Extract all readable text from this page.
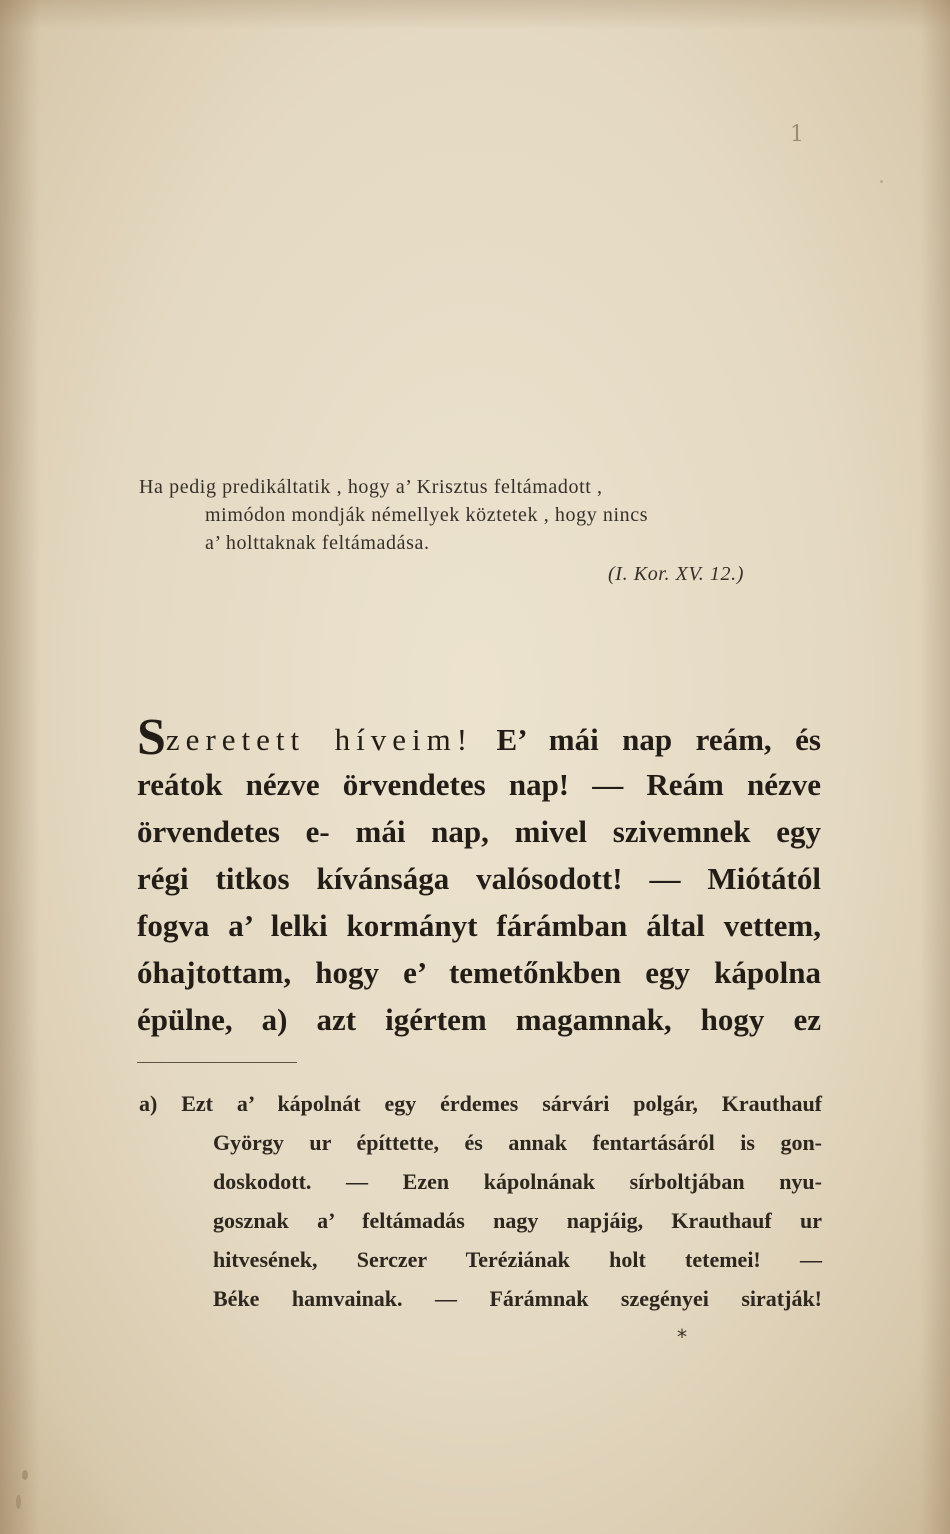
1
Ha pedig predikáltatik , hogy a’ Krisztus feltámadott ,
mimódon mondják némellyek köztetek , hogy nincs
a’ holttaknak feltámadása.
(I. Kor. XV. 12.)
Szeretett híveim! E’ mái nap reám, és
reátok nézve örvendetes nap! — Reám nézve
örvendetes e- mái nap, mivel szivemnek egy
régi titkos kívánsága valósodott! — Miótától
fogva a’ lelki kormányt fárámban által vettem,
óhajtottam, hogy e’ temetőnkben egy kápolna
épülne, a) azt igértem magamnak, hogy ez
a) Ezt a’ kápolnát egy érdemes sárvári polgár, Krauthauf
György ur építtette, és annak fentartásáról is gon-
doskodott. — Ezen kápolnának sírboltjában nyu-
gosznak a’ feltámadás nagy napjáig, Krauthauf ur
hitvesének, Serczer Teréziának holt tetemei! —
Béke hamvainak. — Fárámnak szegényei siratják!
*
